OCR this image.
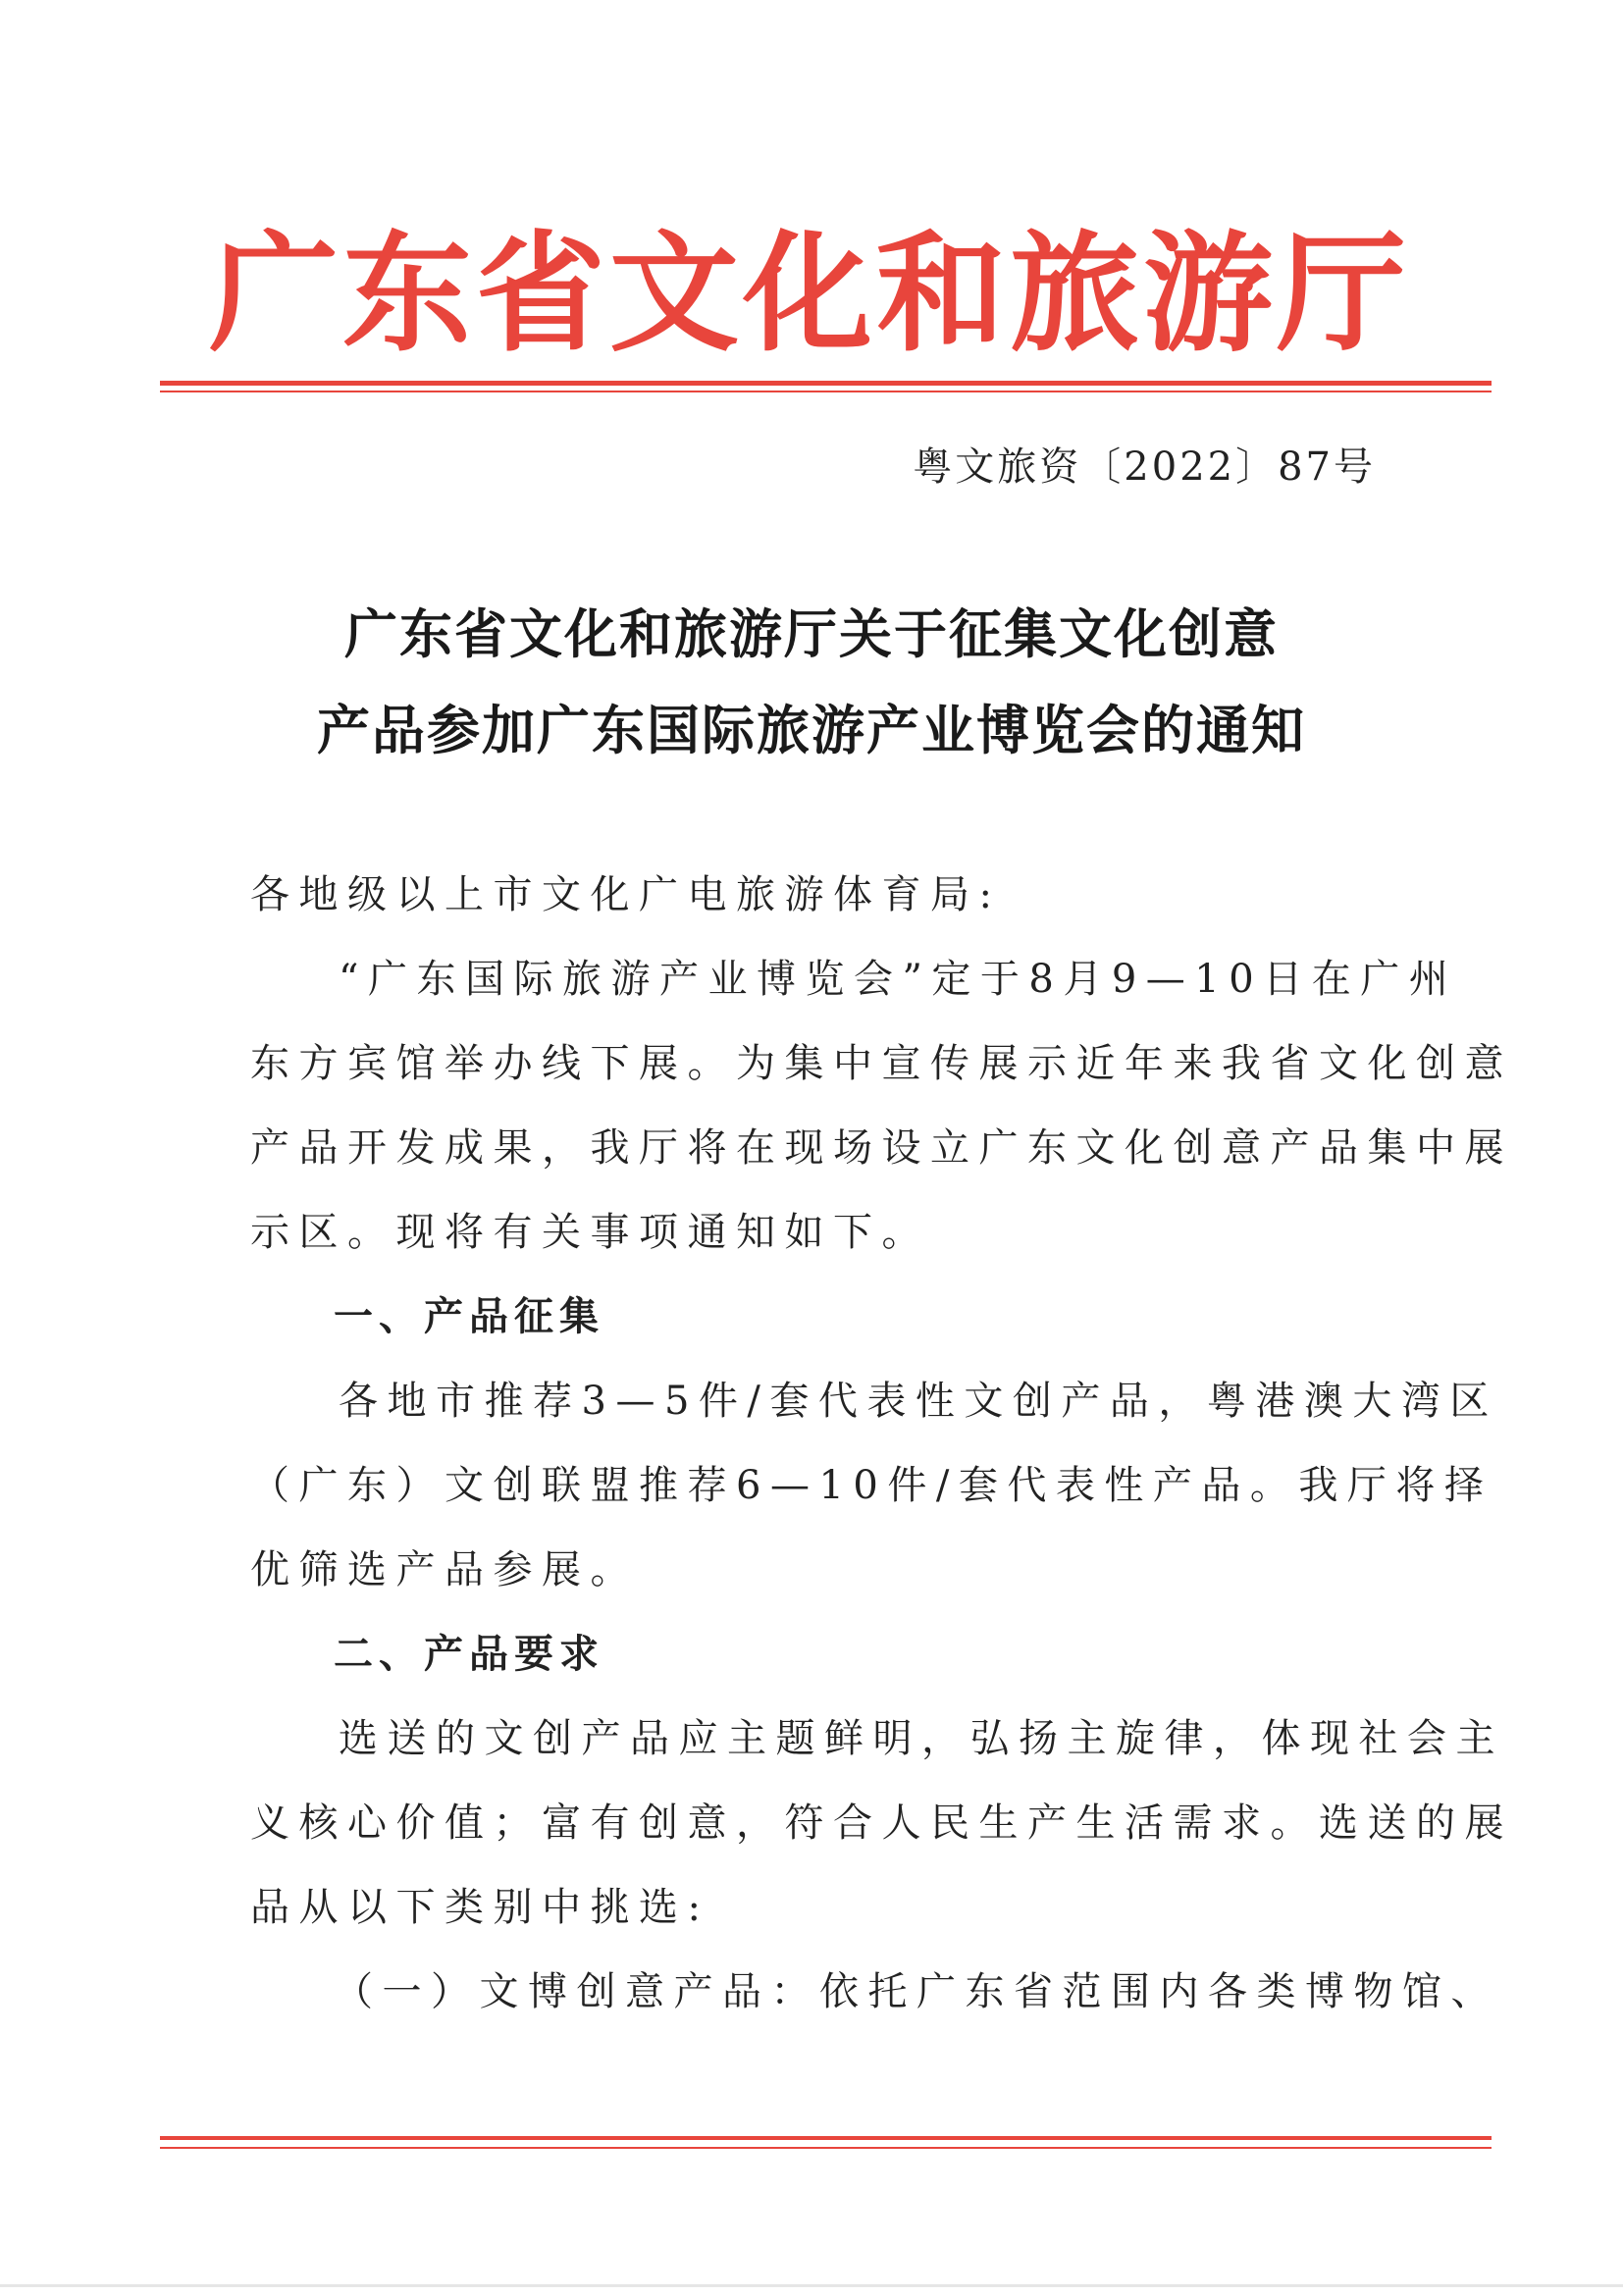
广东省文化和旅游厅
粤文旅资〔2022〕87号
广东省文化和旅游厅关于征集文化创意
产品参加广东国际旅游产业博览会的通知
各地级以上市文化广电旅游体育局:
“广东国际旅游产业博览会”定于8月9—10日在广州
东方宾馆举办线下展。为集中宣传展示近年来我省文化创意
产品开发成果，我厅将在现场设立广东文化创意产品集中展
示区。现将有关事项通知如下。
一、产品征集
各地市推荐3—5件/套代表性文创产品，粤港澳大湾区
（广东）文创联盟推荐6—10件/套代表性产品。我厅将择
优筛选产品参展。
二、产品要求
选送的文创产品应主题鲜明，弘扬主旋律，体现社会主
义核心价值；富有创意，符合人民生产生活需求。选送的展
品从以下类别中挑选:
（一）文博创意产品：依托广东省范围内各类博物馆、
